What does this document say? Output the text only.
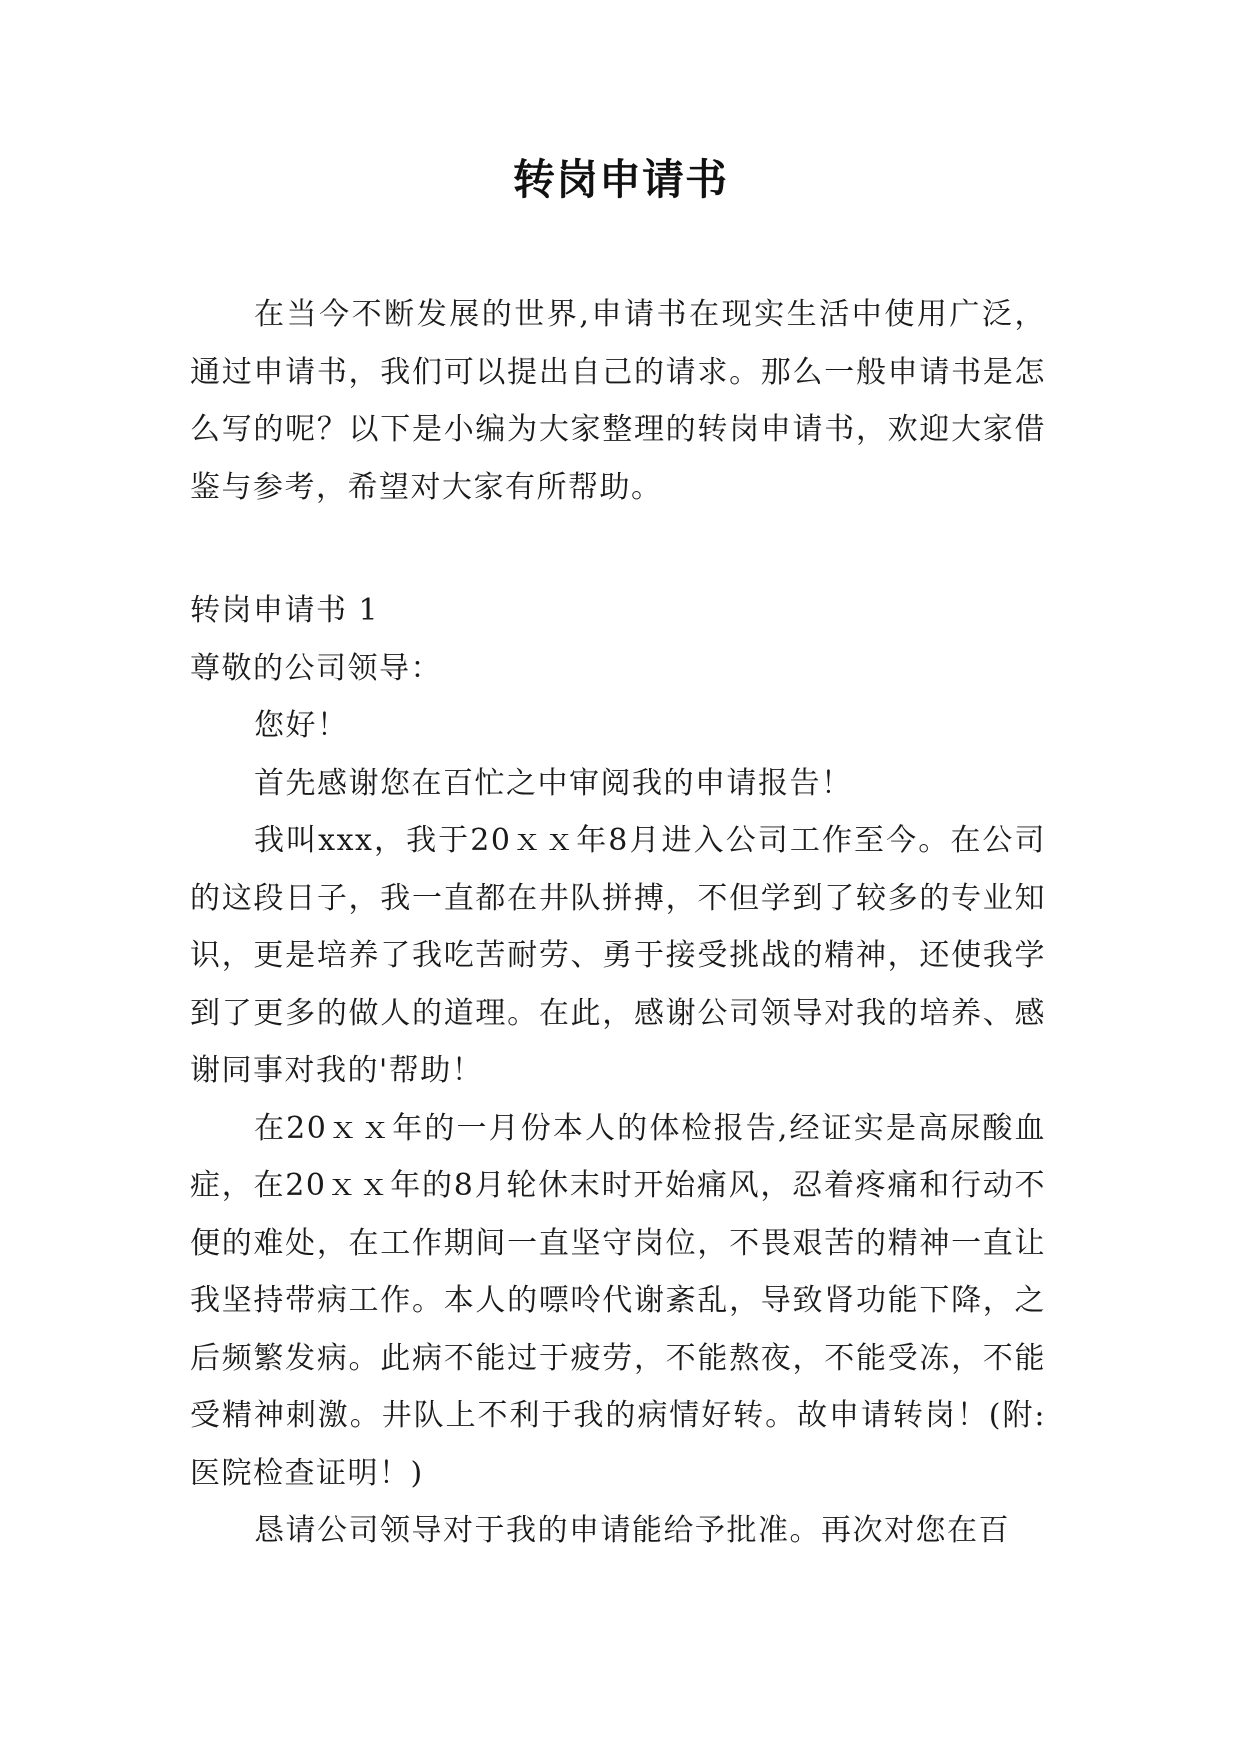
转岗申请书

在当今不断发展的世界,申请书在现实生活中使用广泛，通过申请书，我们可以提出自己的请求。那么一般申请书是怎么写的呢？以下是小编为大家整理的转岗申请书，欢迎大家借鉴与参考，希望对大家有所帮助。

转岗申请书 1

尊敬的公司领导：

您好！

首先感谢您在百忙之中审阅我的申请报告！

我叫xxx，我于20ｘｘ年8月进入公司工作至今。在公司的这段日子，我一直都在井队拼搏，不但学到了较多的专业知识，更是培养了我吃苦耐劳、勇于接受挑战的精神，还使我学到了更多的做人的道理。在此，感谢公司领导对我的培养、感谢同事对我的'帮助！

在20ｘｘ年的一月份本人的体检报告,经证实是高尿酸血症，在20ｘｘ年的8月轮休末时开始痛风，忍着疼痛和行动不便的难处，在工作期间一直坚守岗位，不畏艰苦的精神一直让我坚持带病工作。本人的嘌呤代谢紊乱，导致肾功能下降，之后频繁发病。此病不能过于疲劳，不能熬夜，不能受冻，不能受精神刺激。井队上不利于我的病情好转。故申请转岗！(附:医院检查证明！)

恳请公司领导对于我的申请能给予批准。再次对您在百
